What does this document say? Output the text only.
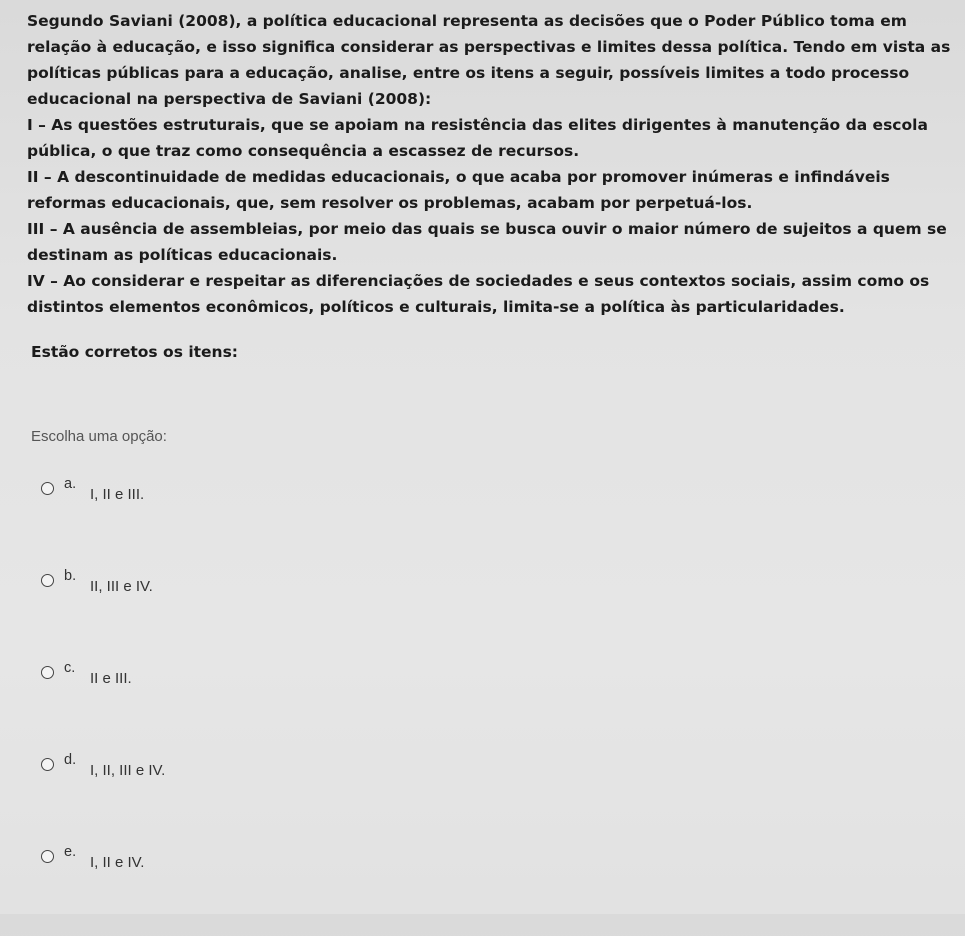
Segundo Saviani (2008), a política educacional representa as decisões que o Poder Público toma em
relação à educação, e isso significa considerar as perspectivas e limites dessa política. Tendo em vista as
políticas públicas para a educação, analise, entre os itens a seguir, possíveis limites a todo processo
educacional na perspectiva de Saviani (2008):
I – As questões estruturais, que se apoiam na resistência das elites dirigentes à manutenção da escola
pública, o que traz como consequência a escassez de recursos.
II – A descontinuidade de medidas educacionais, o que acaba por promover inúmeras e infindáveis
reformas educacionais, que, sem resolver os problemas, acabam por perpetuá-los.
III – A ausência de assembleias, por meio das quais se busca ouvir o maior número de sujeitos a quem se
destinam as políticas educacionais.
IV – Ao considerar e respeitar as diferenciações de sociedades e seus contextos sociais, assim como os
distintos elementos econômicos, políticos e culturais, limita-se a política às particularidades.
Estão corretos os itens:
Escolha uma opção:
a.
I, II e III.
b.
II, III e IV.
c.
II e III.
d.
I, II, III e IV.
e.
I, II e IV.
